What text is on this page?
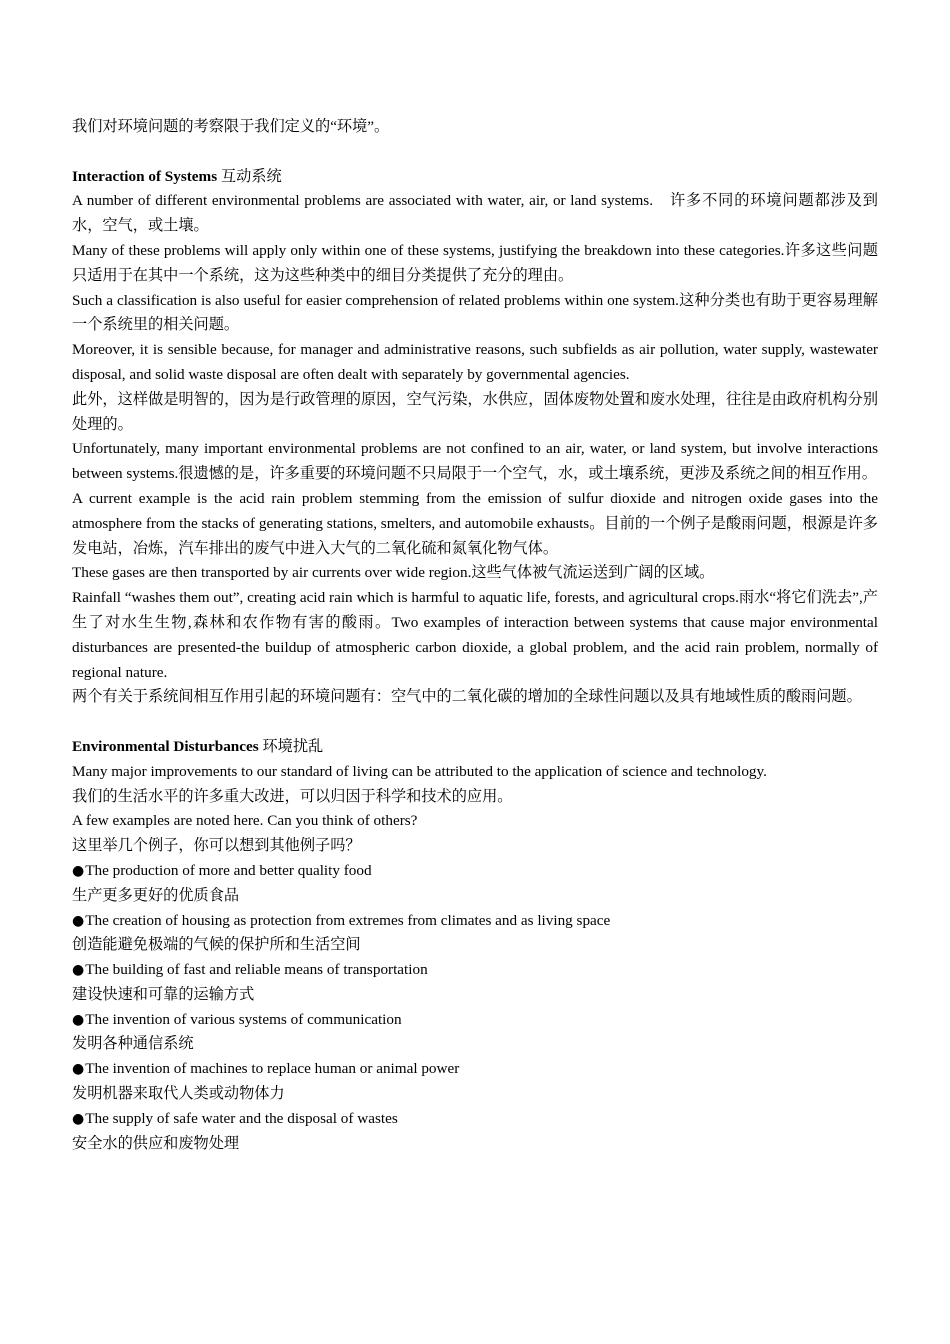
我们对环境问题的考察限于我们定义的“环境”。

Interaction of Systems 互动系统

A number of different environmental problems are associated with water, air, or land systems.　许多不同的环境问题都涉及到水，空气，或土壤。

Many of these problems will apply only within one of these systems, justifying the breakdown into these categories.许多这些问题只适用于在其中一个系统，这为这些种类中的细目分类提供了充分的理由。

Such a classification is also useful for easier comprehension of related problems within one system.这种分类也有助于更容易理解一个系统里的相关问题。

Moreover, it is sensible because, for manager and administrative reasons, such subfields as air pollution, water supply, wastewater disposal, and solid waste disposal are often dealt with separately by governmental agencies.

此外，这样做是明智的，因为是行政管理的原因，空气污染，水供应，固体废物处置和废水处理，往往是由政府机构分别处理的。

Unfortunately, many important environmental problems are not confined to an air, water, or land system, but involve interactions between systems.很遗憾的是，许多重要的环境问题不只局限于一个空气，水，或土壤系统，更涉及系统之间的相互作用。

A current example is the acid rain problem stemming from the emission of sulfur dioxide and nitrogen oxide gases into the atmosphere from the stacks of generating stations, smelters, and automobile exhausts。目前的一个例子是酸雨问题，根源是许多发电站，冶炼，汽车排出的废气中进入大气的二氧化硫和氮氧化物气体。

These gases are then transported by air currents over wide region.这些气体被气流运送到广阔的区域。

Rainfall “washes them out”, creating acid rain which is harmful to aquatic life, forests, and agricultural crops.雨水“将它们洗去”,产生了对水生生物,森林和农作物有害的酸雨。Two examples of interaction between systems that cause major environmental disturbances are presented-the buildup of atmospheric carbon dioxide, a global problem, and the acid rain problem, normally of regional nature.

两个有关于系统间相互作用引起的环境问题有：空气中的二氧化碳的增加的全球性问题以及具有地域性质的酸雨问题。

Environmental Disturbances 环境扰乱

Many major improvements to our standard of living can be attributed to the application of science and technology.

我们的生活水平的许多重大改进，可以归因于科学和技术的应用。

A few examples are noted here. Can you think of others?

这里举几个例子，你可以想到其他例子吗？

● The production of more and better quality food

生产更多更好的优质食品

● The creation of housing as protection from extremes from climates and as living space

创造能避免极端的气候的保护所和生活空间

● The building of fast and reliable means of transportation

建设快速和可靠的运输方式

● The invention of various systems of communication

发明各种通信系统

● The invention of machines to replace human or animal power

发明机器来取代人类或动物体力

● The supply of safe water and the disposal of wastes

安全水的供应和废物处理
